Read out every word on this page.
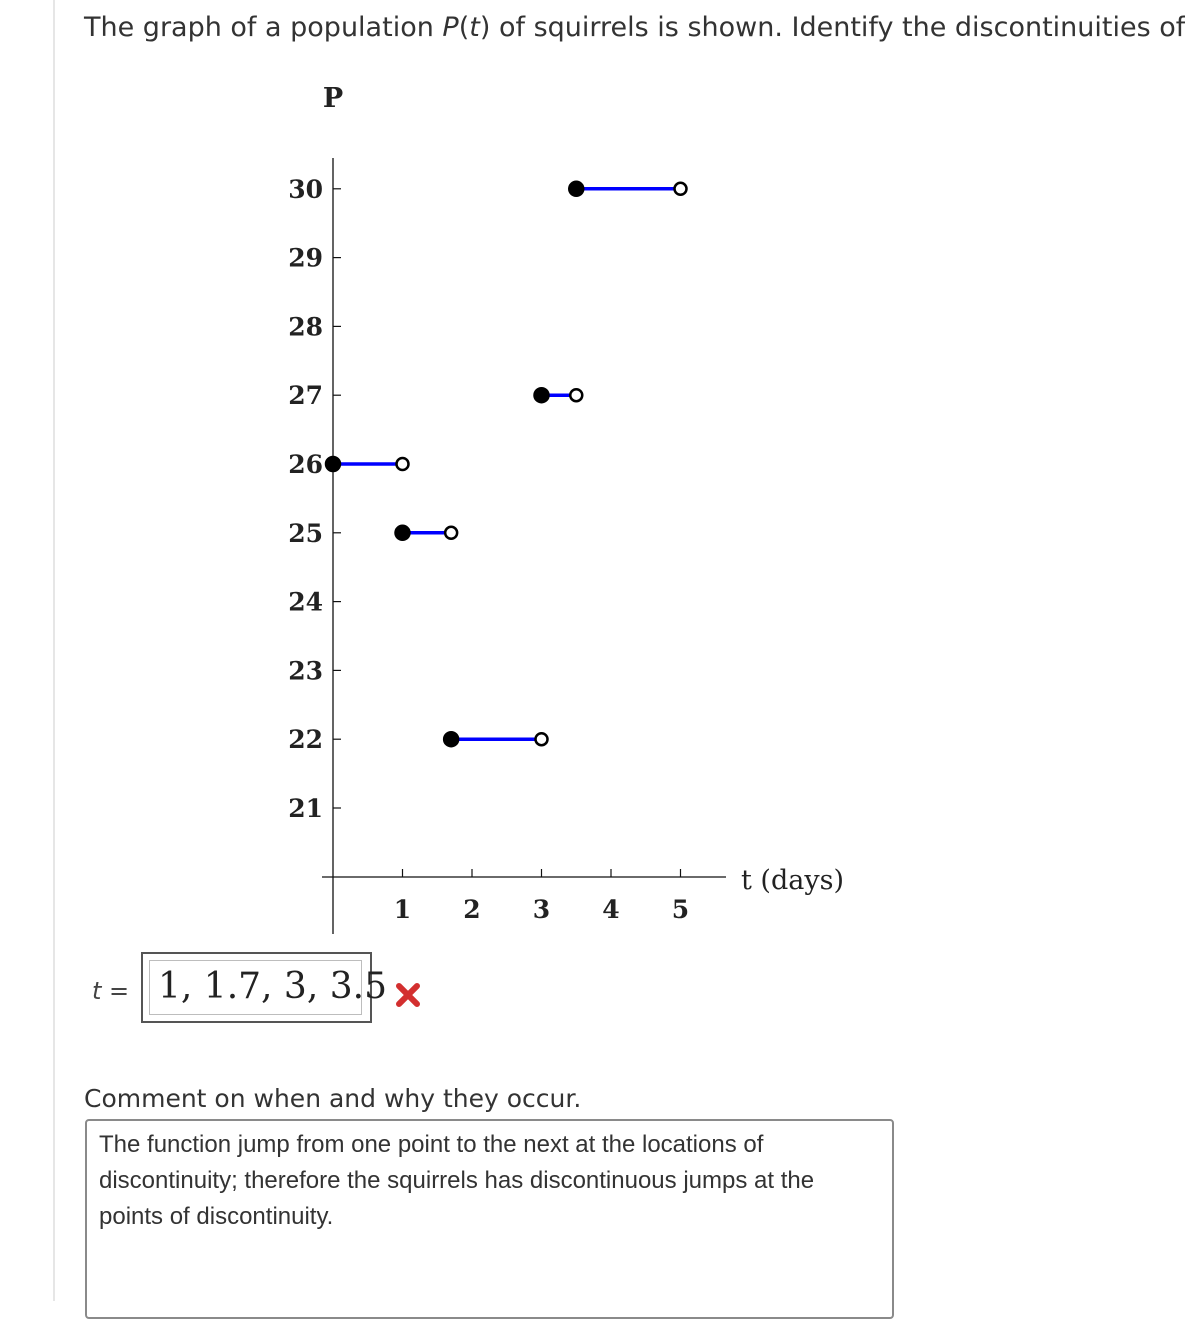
The graph of a population P(t) of squirrels is shown. Identify the discontinuities of
P
t (days)
21
22
23
24
25
26
27
28
29
30
1 2 3 4 5
t = 1, 1.7, 3, 3.5
Comment on when and why they occur.
The function jump from one point to the next at the locations of discontinuity; therefore the squirrels has discontinuous jumps at the points of discontinuity.
